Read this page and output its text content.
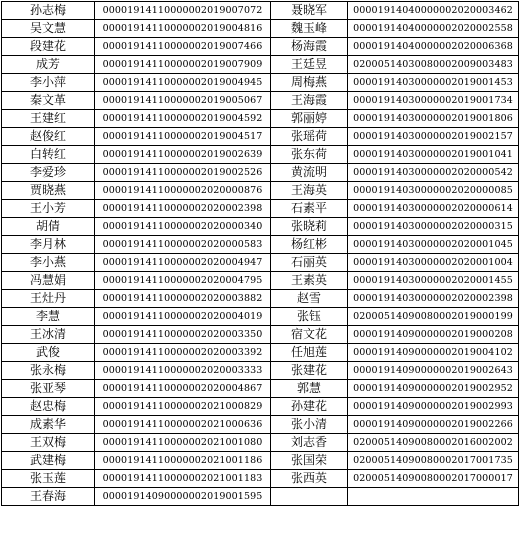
孙志梅	00001914110000002019007072	聂晓军	00001914040000002020003462
吴文慧	00001914110000002019004816	魏玉峰	00001914040000002020002558
段建花	00001914110000002019007466	杨海霞	00001914040000002020006368
成芳	00001914110000002019007909	王廷昱	02000514030080002009003483
李小萍	00001914110000002019004945	周梅燕	00001914030000002019001453
秦文革	00001914110000002019005067	王海霞	00001914030000002019001734
王建红	00001914110000002019004592	郭丽婷	00001914030000002019001806
赵俊红	00001914110000002019004517	张瑶荷	00001914030000002019002157
白转红	00001914110000002019002639	张东荷	00001914030000002019001041
李爱珍	00001914110000002019002526	黄流明	00001914030000002020000542
贾晓燕	00001914110000002020000876	王海英	00001914030000002020000085
王小芳	00001914110000002020002398	石素平	00001914030000002020000614
胡倩	00001914110000002020000340	张晓莉	00001914030000002020000315
李月林	00001914110000002020000583	杨红彬	00001914030000002020001045
李小燕	00001914110000002020004947	石丽英	00001914030000002020001004
冯慧娟	00001914110000002020004795	王素英	00001914030000002020001455
王灶丹	00001914110000002020003882	赵雪	00001914030000002020002398
李慧	00001914110000002020004019	张钰	02000514090080002019000199
王冰清	00001914110000002020003350	宿文花	00001914090000002019000208
武俊	00001914110000002020003392	任旭莲	00001914090000002019004102
张永梅	00001914110000002020003333	张建花	00001914090000002019002643
张亚琴	00001914110000002020004867	郭慧	00001914090000002019002952
赵忠梅	00001914110000002021000829	孙建花	00001914090000002019002993
成素华	00001914110000002021000636	张小清	00001914090000002019002266
王双梅	00001914110000002021001080	刘志香	02000514090080002016002002
武建梅	00001914110000002021001186	张国荣	02000514090080002017001735
张玉莲	00001914110000002021001183	张西英	02000514090080002017000017
王春海	00001914090000002019001595		
